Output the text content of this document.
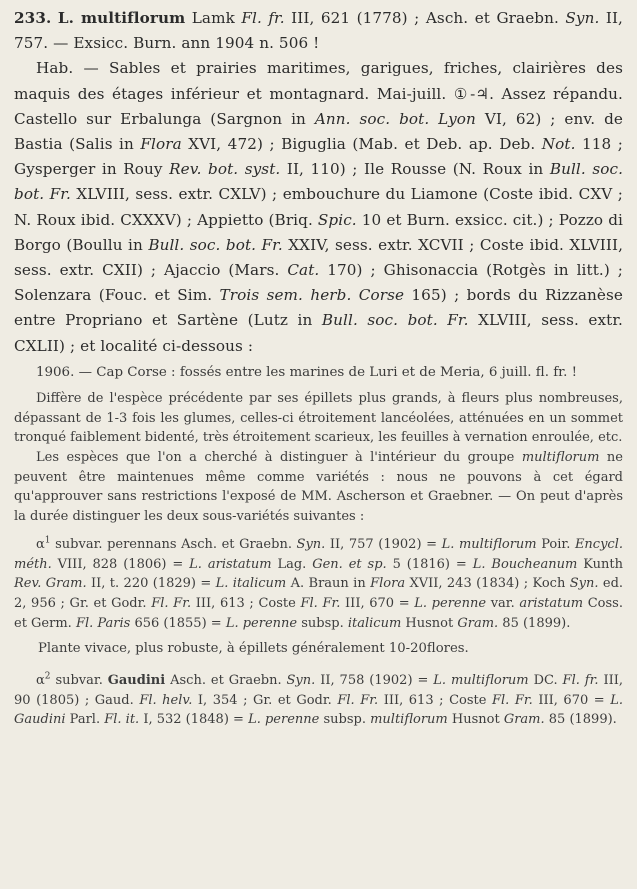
233. L. multiflorum Lamk Fl. fr. III, 621 (1778) ; Asch. et Graebn. Syn. II, 757. — Exsicc. Burn. ann 1904 n. 506 !

Hab. — Sables et prairies maritimes, garigues, friches, clairières des maquis des étages inférieur et montagnard. Mai-juill. ①-♃. Assez répandu. Castello sur Erbalunga (Sargnon in Ann. soc. bot. Lyon VI, 62) ; env. de Bastia (Salis in Flora XVI, 472) ; Biguglia (Mab. et Deb. ap. Deb. Not. 118 ; Gysperger in Rouy Rev. bot. syst. II, 110) ; Ile Rousse (N. Roux in Bull. soc. bot. Fr. XLVIII, sess. extr. CXLV) ; embouchure du Liamone (Coste ibid. CXV ; N. Roux ibid. CXXXV) ; Appietto (Briq. Spic. 10 et Burn. exsicc. cit.) ; Pozzo di Borgo (Boullu in Bull. soc. bot. Fr. XXIV, sess. extr. XCVII ; Coste ibid. XLVIII, sess. extr. CXII) ; Ajaccio (Mars. Cat. 170) ; Ghisonaccia (Rotgès in litt.) ; Solenzara (Fouc. et Sim. Trois sem. herb. Corse 165) ; bords du Rizzanèse entre Propriano et Sartène (Lutz in Bull. soc. bot. Fr. XLVIII, sess. extr. CXLII) ; et localité ci-dessous :

1906. — Cap Corse : fossés entre les marines de Luri et de Meria, 6 juill. fl. fr. !

Diffère de l'espèce précédente par ses épillets plus grands, à fleurs plus nombreuses, dépassant de 1-3 fois les glumes, celles-ci étroitement lancéolées, atténuées en un sommet tronqué faiblement bidenté, très étroitement scarieux, les feuilles à vernation enroulée, etc.

Les espèces que l'on a cherché à distinguer à l'intérieur du groupe multiflorum ne peuvent être maintenues même comme variétés : nous ne pouvons à cet égard qu'approuver sans restrictions l'exposé de MM. Ascherson et Graebner. — On peut d'après la durée distinguer les deux sous-variétés suivantes :

$\alpha^1$ subvar. perennans Asch. et Graebn. Syn. II, 757 (1902) = L. multiflorum Poir. Encycl. méth. VIII, 828 (1806) = L. aristatum Lag. Gen. et sp. 5 (1816) = L. Boucheanum Kunth Rev. Gram. II, t. 220 (1829) = L. italicum A. Braun in Flora XVII, 243 (1834) ; Koch Syn. ed. 2, 956 ; Gr. et Godr. Fl. Fr. III, 613 ; Coste Fl. Fr. III, 670 = L. perenne var. aristatum Coss. et Germ. Fl. Paris 656 (1855) = L. perenne subsp. italicum Husnot Gram. 85 (1899).

Plante vivace, plus robuste, à épillets généralement 10-20flores.

$\alpha^2$ subvar. Gaudini Asch. et Graebn. Syn. II, 758 (1902) = L. multiflorum DC. Fl. fr. III, 90 (1805) ; Gaud. Fl. helv. I, 354 ; Gr. et Godr. Fl. Fr. III, 613 ; Coste Fl. Fr. III, 670 = L. Gaudini Parl. Fl. it. I, 532 (1848) = L. perenne subsp. multiflorum Husnot Gram. 85 (1899).
